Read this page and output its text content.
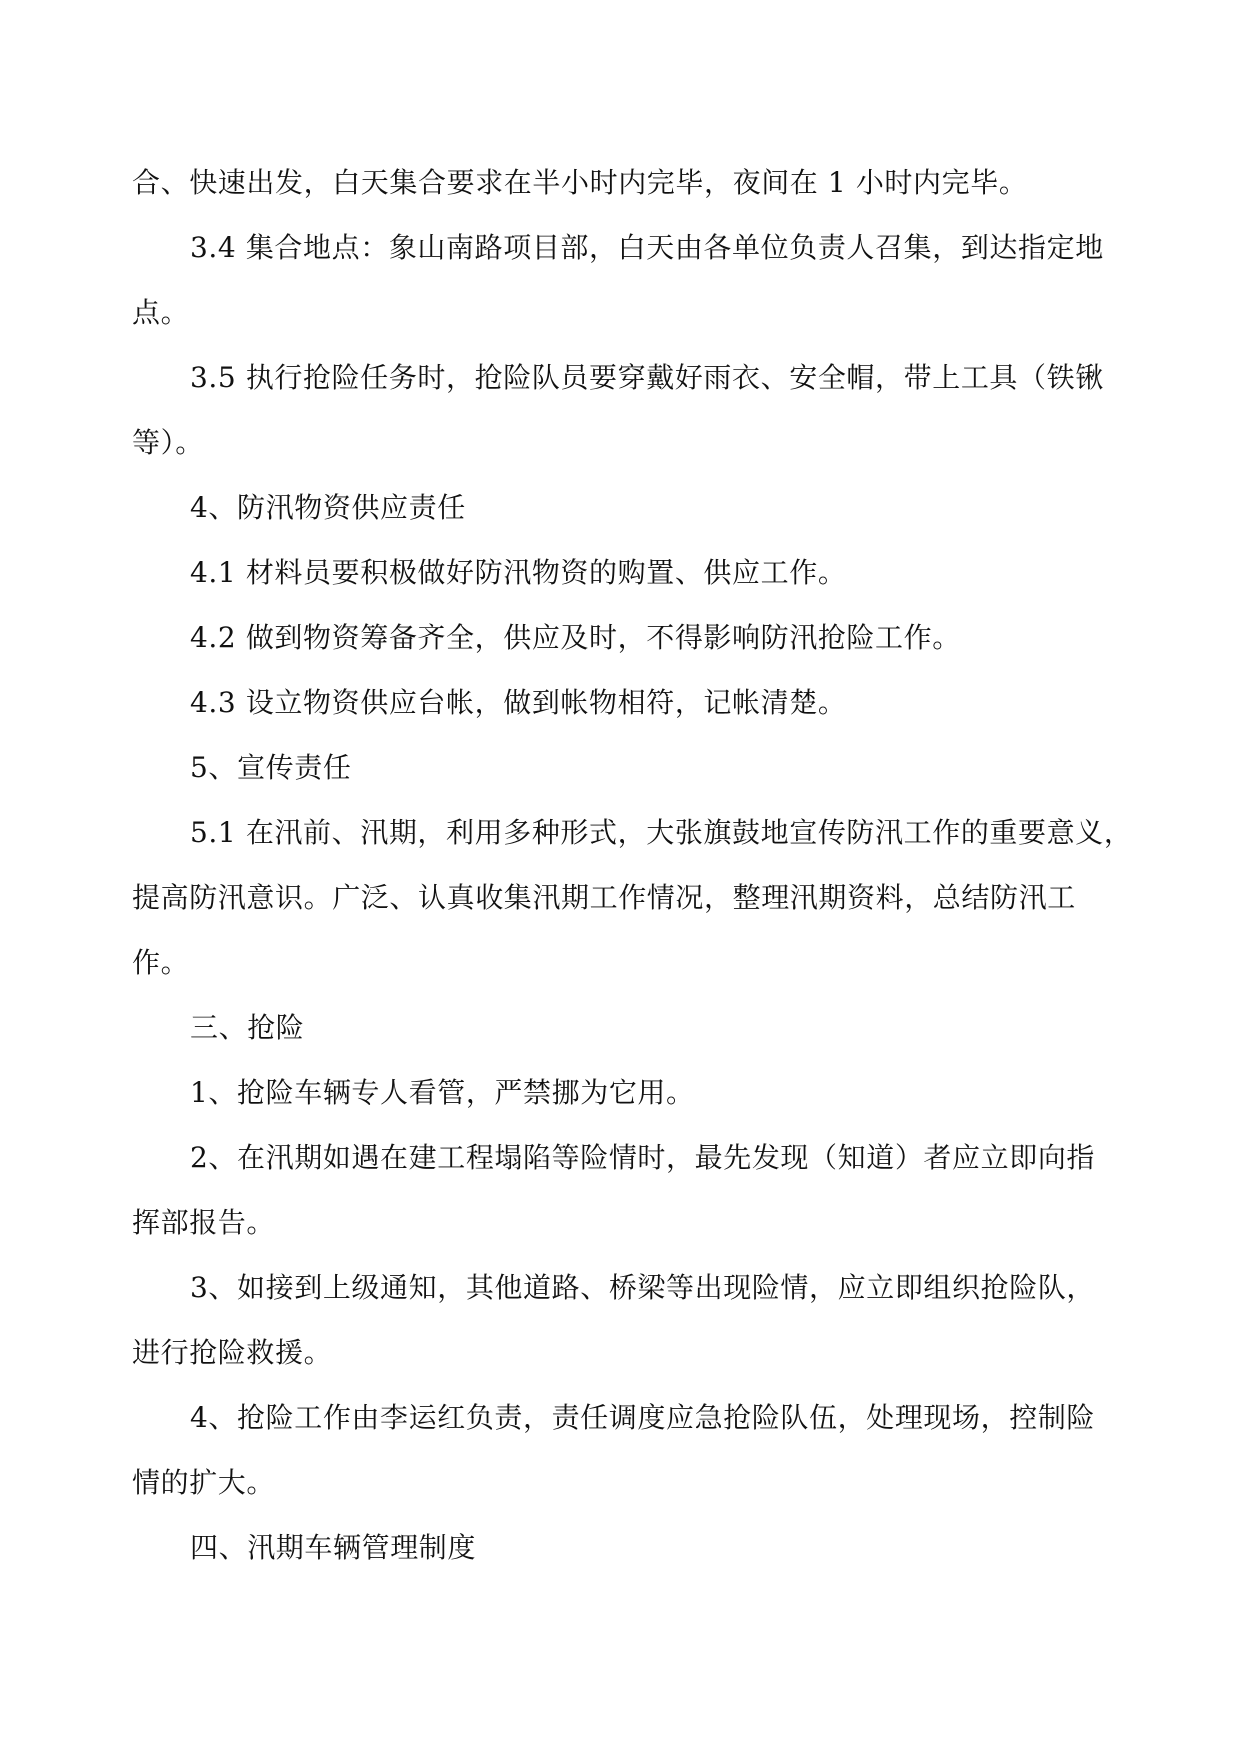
合、快速出发，白天集合要求在半小时内完毕，夜间在 1 小时内完毕。
3.4 集合地点：象山南路项目部，白天由各单位负责人召集，到达指定地
点。
3.5 执行抢险任务时，抢险队员要穿戴好雨衣、安全帽，带上工具（铁锹
等）。
4、防汛物资供应责任
4.1 材料员要积极做好防汛物资的购置、供应工作。
4.2 做到物资筹备齐全，供应及时，不得影响防汛抢险工作。
4.3 设立物资供应台帐，做到帐物相符，记帐清楚。
5、宣传责任
5.1 在汛前、汛期，利用多种形式，大张旗鼓地宣传防汛工作的重要意义，
提高防汛意识。广泛、认真收集汛期工作情况，整理汛期资料，总结防汛工
作。
三、抢险
1、抢险车辆专人看管，严禁挪为它用。
2、在汛期如遇在建工程塌陷等险情时，最先发现（知道）者应立即向指
挥部报告。
3、如接到上级通知，其他道路、桥梁等出现险情，应立即组织抢险队，
进行抢险救援。
4、抢险工作由李运红负责，责任调度应急抢险队伍，处理现场，控制险
情的扩大。
四、汛期车辆管理制度
